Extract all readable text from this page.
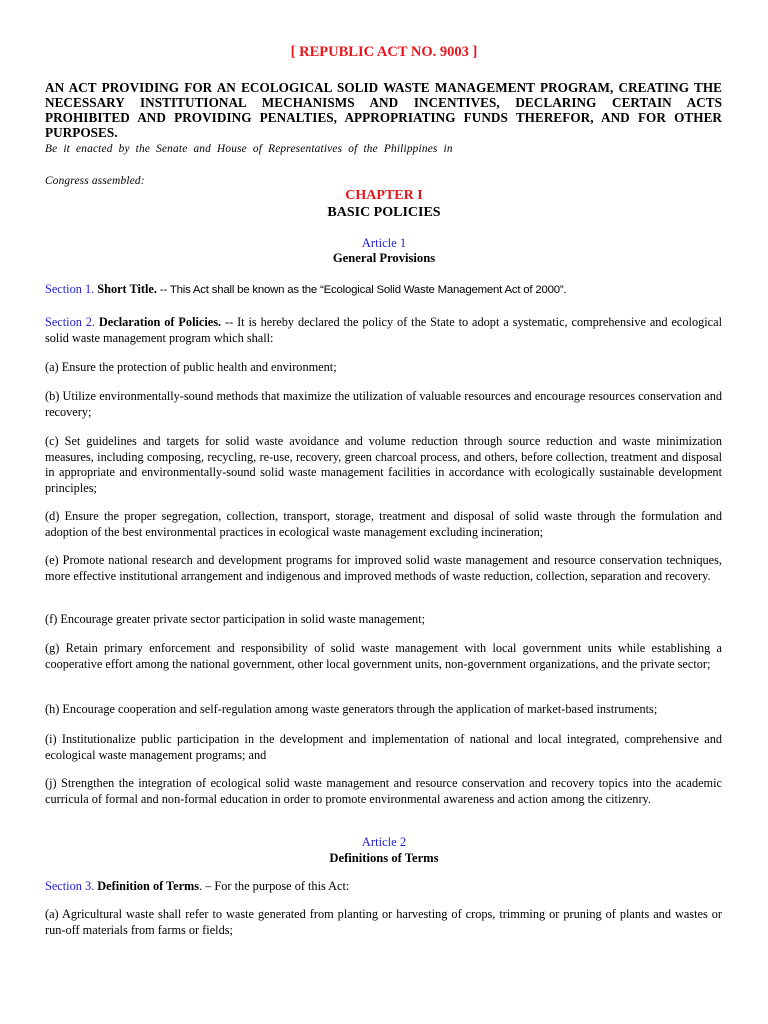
[ REPUBLIC ACT NO. 9003 ]

AN ACT PROVIDING FOR AN ECOLOGICAL SOLID WASTE MANAGEMENT PROGRAM, CREATING THE NECESSARY INSTITUTIONAL MECHANISMS AND INCENTIVES, DECLARING CERTAIN ACTS PROHIBITED AND PROVIDING PENALTIES, APPROPRIATING FUNDS THEREFOR, AND FOR OTHER PURPOSES.

Be it enacted by the Senate and House of Representatives of the Philippines in

Congress assembled:

CHAPTER I

BASIC POLICIES

Article 1

General Provisions

Section 1. Short Title. -- This Act shall be known as the “Ecological Solid Waste Management Act of 2000”.

Section 2. Declaration of Policies. -- It is hereby declared the policy of the State to adopt a systematic, comprehensive and ecological solid waste management program which shall:

(a) Ensure the protection of public health and environment;

(b) Utilize environmentally-sound methods that maximize the utilization of valuable resources and encourage resources conservation and recovery;

(c) Set guidelines and targets for solid waste avoidance and volume reduction through source reduction and waste minimization measures, including composing, recycling, re-use, recovery, green charcoal process, and others, before collection, treatment and disposal in appropriate and environmentally-sound solid waste management facilities in accordance with ecologically sustainable development principles;

(d) Ensure the proper segregation, collection, transport, storage, treatment and disposal of solid waste through the formulation and adoption of the best environmental practices in ecological waste management excluding incineration;

(e) Promote national research and development programs for improved solid waste management and resource conservation techniques, more effective institutional arrangement and indigenous and improved methods of waste reduction, collection, separation and recovery.

(f) Encourage greater private sector participation in solid waste management;

(g) Retain primary enforcement and responsibility of solid waste management with local government units while establishing a cooperative effort among the national government, other local government units, non-government organizations, and the private sector;

(h) Encourage cooperation and self-regulation among waste generators through the application of market-based instruments;

(i) Institutionalize public participation in the development and implementation of national and local integrated, comprehensive and ecological waste management programs; and

(j) Strengthen the integration of ecological solid waste management and resource conservation and recovery topics into the academic curricula of formal and non-formal education in order to promote environmental awareness and action among the citizenry.

Article 2

Definitions of Terms

Section 3. Definition of Terms. – For the purpose of this Act:

(a) Agricultural waste shall refer to waste generated from planting or harvesting of crops, trimming or pruning of plants and wastes or run-off materials from farms or fields;
